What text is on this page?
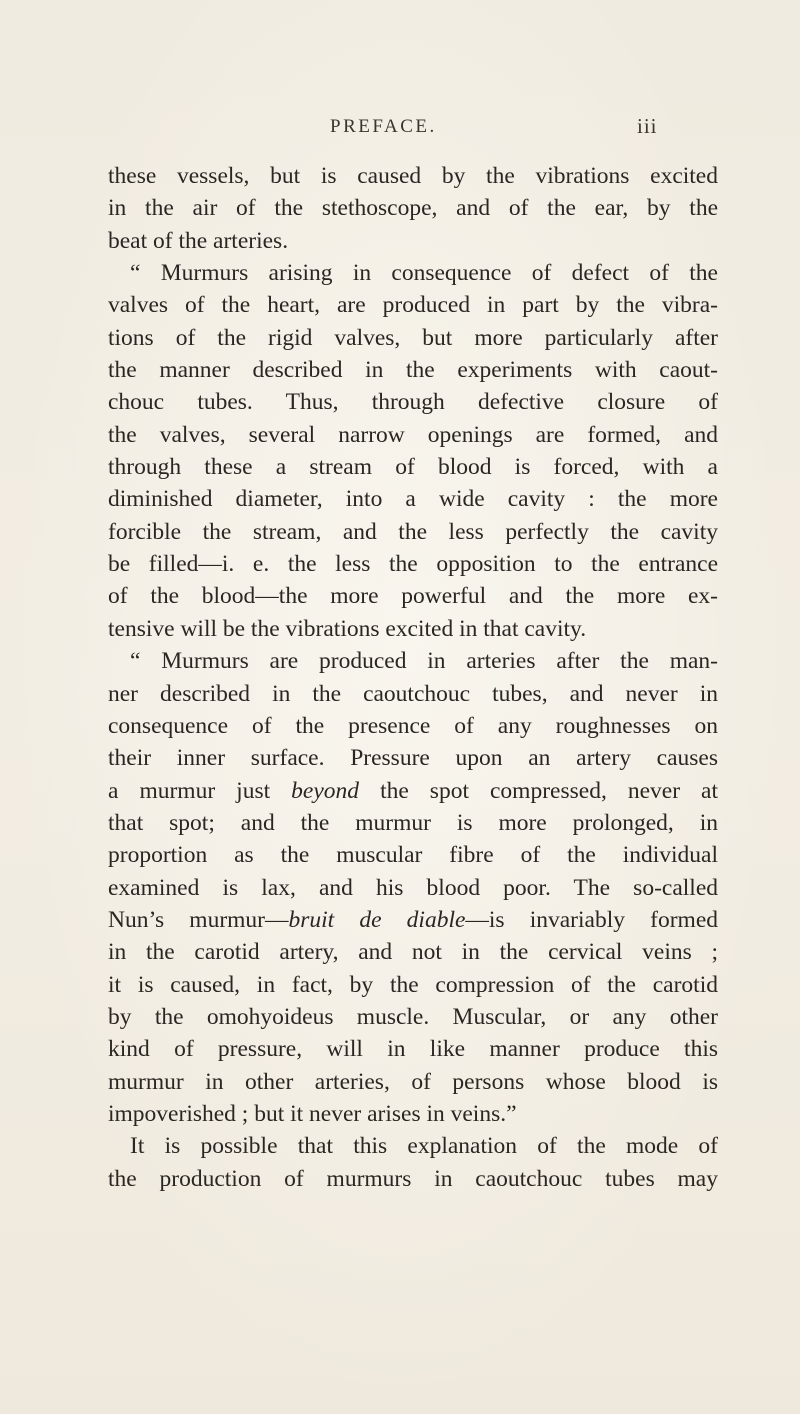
PREFACE.	iii
these vessels, but is caused by the vibrations excited
in the air of the stethoscope, and of the ear, by the
beat of the arteries.
“ Murmurs arising in consequence of defect of the
valves of the heart, are produced in part by the vibra-
tions of the rigid valves, but more particularly after
the manner described in the experiments with caout-
chouc tubes. Thus, through defective closure of
the valves, several narrow openings are formed, and
through these a stream of blood is forced, with a
diminished diameter, into a wide cavity : the more
forcible the stream, and the less perfectly the cavity
be filled—i. e. the less the opposition to the entrance
of the blood—the more powerful and the more ex-
tensive will be the vibrations excited in that cavity.
“ Murmurs are produced in arteries after the man-
ner described in the caoutchouc tubes, and never in
consequence of the presence of any roughnesses on
their inner surface. Pressure upon an artery causes
a murmur just beyond the spot compressed, never at
that spot; and the murmur is more prolonged, in
proportion as the muscular fibre of the individual
examined is lax, and his blood poor. The so-called
Nun’s murmur—bruit de diable—is invariably formed
in the carotid artery, and not in the cervical veins ;
it is caused, in fact, by the compression of the carotid
by the omohyoideus muscle. Muscular, or any other
kind of pressure, will in like manner produce this
murmur in other arteries, of persons whose blood is
impoverished ; but it never arises in veins.”
It is possible that this explanation of the mode of
the production of murmurs in caoutchouc tubes may
